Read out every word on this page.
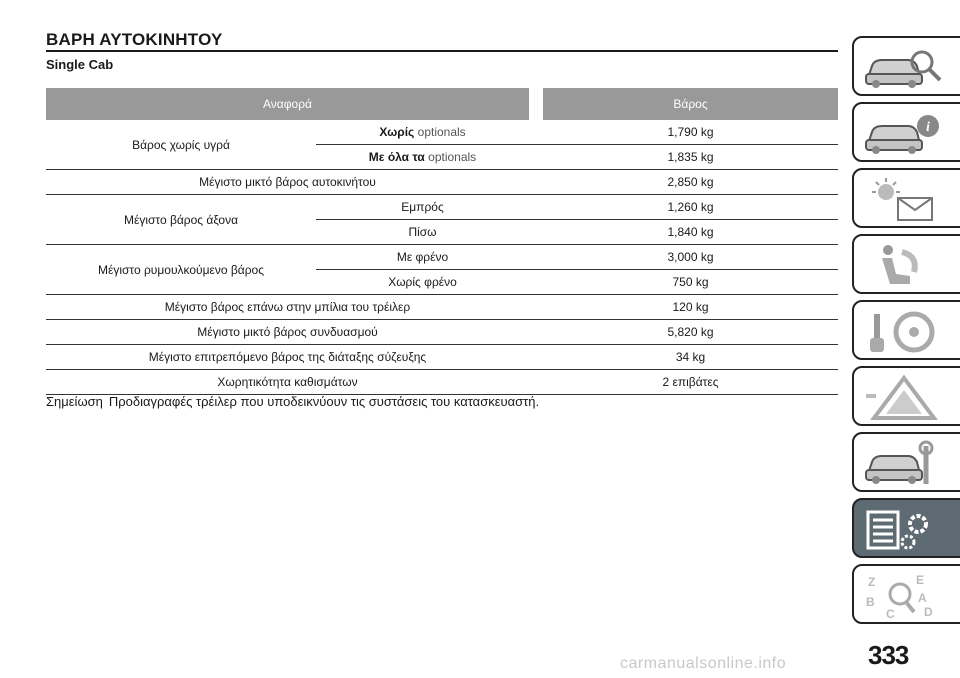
ΒΑΡΗ ΑΥΤΟΚΙΝΗΤΟΥ
Single Cab
Αναφορά			Βάρος
Βάρος χωρίς υγρά	Χωρίς optionals		1,790 kg
	Με όλα τα optionals		1,835 kg
Μέγιστο μικτό βάρος αυτοκινήτου			2,850 kg
Μέγιστο βάρος άξονα	Εμπρός		1,260 kg
	Πίσω		1,840 kg
Μέγιστο ρυμουλκούμενο βάρος	Με φρένο		3,000 kg
	Χωρίς φρένο		750 kg
Μέγιστο βάρος επάνω στην μπίλια του τρέιλερ			120 kg
Μέγιστο μικτό βάρος συνδυασμού			5,820 kg
Μέγιστο επιτρεπόμενο βάρος της διάταξης σύζευξης			34 kg
Χωρητικότητα καθισμάτων			2 επιβάτες
Σημείωση Προδιαγραφές τρέιλερ που υποδεικνύουν τις συστάσεις του κατασκευαστή.
i
Z	E
B	A
D
C
333
carmanualsonline.info
